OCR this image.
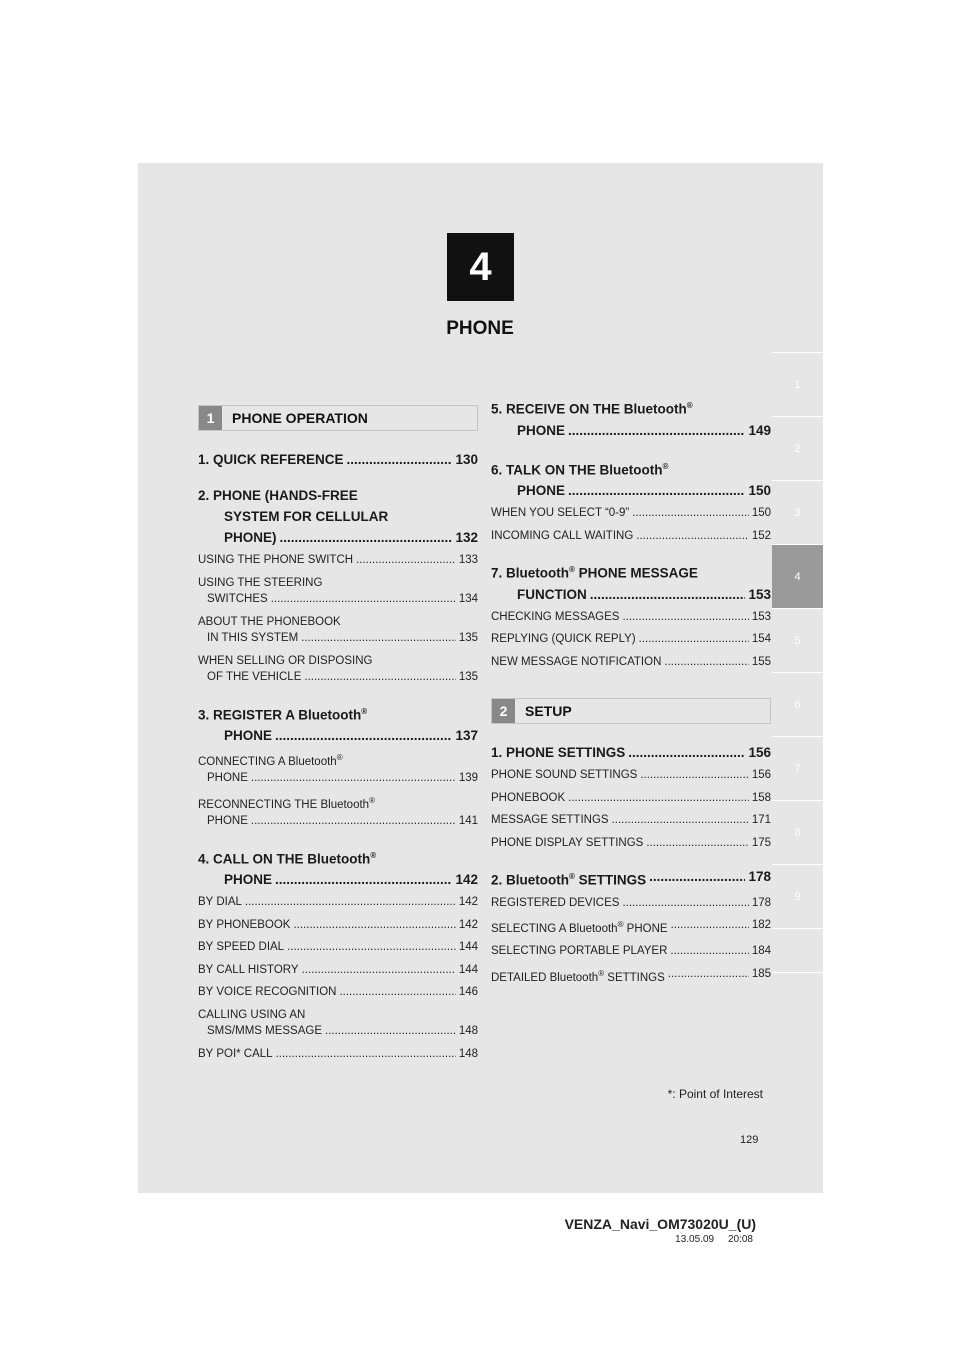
4
PHONE
1
2
3
4
5
6
7
8
9
1	PHONE OPERATION
1. QUICK REFERENCE .....	130
2. PHONE (HANDS-FREE
SYSTEM FOR CELLULAR
PHONE) .....	132
USING THE PHONE SWITCH .....	133
USING THE STEERING
SWITCHES .....	134
ABOUT THE PHONEBOOK
IN THIS SYSTEM .....	135
WHEN SELLING OR DISPOSING
OF THE VEHICLE .....	135
3. REGISTER A Bluetooth®
PHONE .....	137
CONNECTING A Bluetooth®
PHONE .....	139
RECONNECTING THE Bluetooth®
PHONE .....	141
4. CALL ON THE Bluetooth®
PHONE .....	142
BY DIAL .....	142
BY PHONEBOOK .....	142
BY SPEED DIAL .....	144
BY CALL HISTORY .....	144
BY VOICE RECOGNITION .....	146
CALLING USING AN
SMS/MMS MESSAGE .....	148
BY POI* CALL .....	148
5. RECEIVE ON THE Bluetooth®
PHONE .....	149
6. TALK ON THE Bluetooth®
PHONE .....	150
WHEN YOU SELECT “0-9” .....	150
INCOMING CALL WAITING .....	152
7. Bluetooth® PHONE MESSAGE
FUNCTION .....	153
CHECKING MESSAGES .....	153
REPLYING (QUICK REPLY) .....	154
NEW MESSAGE NOTIFICATION .....	155
2	SETUP
1. PHONE SETTINGS .....	156
PHONE SOUND SETTINGS .....	156
PHONEBOOK .....	158
MESSAGE SETTINGS .....	171
PHONE DISPLAY SETTINGS .....	175
2. Bluetooth® SETTINGS .....	178
REGISTERED DEVICES .....	178
SELECTING A Bluetooth® PHONE .....	182
SELECTING PORTABLE PLAYER .....	184
DETAILED Bluetooth® SETTINGS .....	185
*: Point of Interest
129
VENZA_Navi_OM73020U_(U)
13.05.09     20:08
